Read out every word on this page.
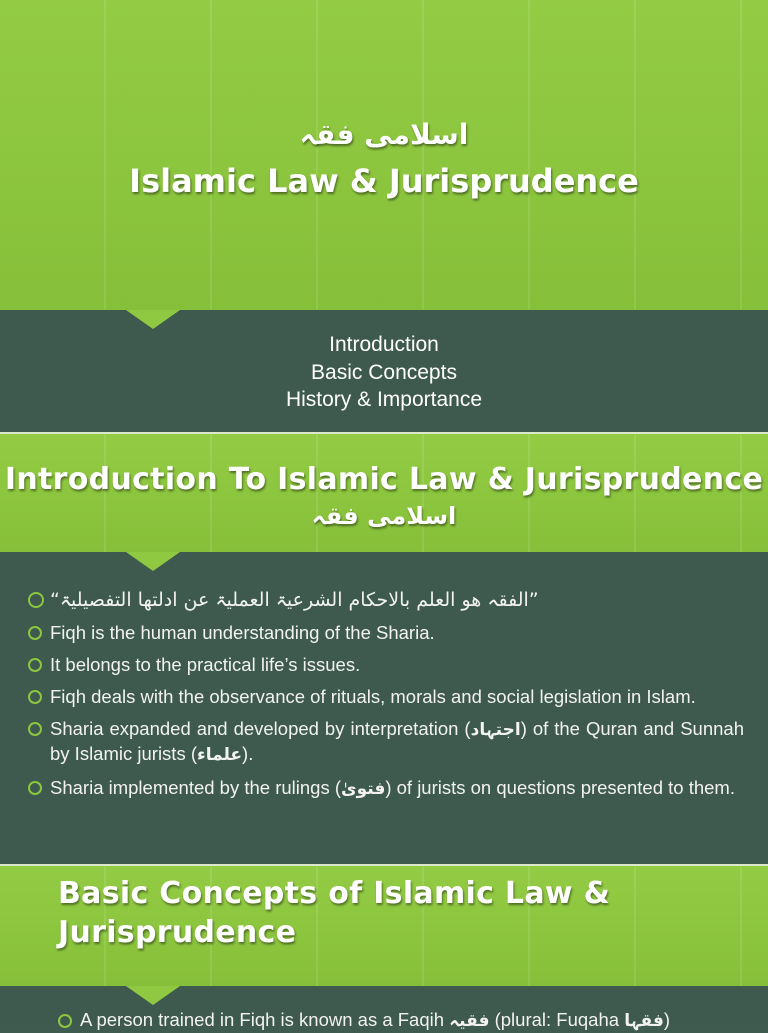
اسلامی فقہ
Islamic Law & Jurisprudence
Introduction
Basic Concepts
History & Importance
Introduction To Islamic Law & Jurisprudence
اسلامی فقہ
“الفقہ ھو العلم بالاحکام الشرعیۃ العملیۃ عن ادلتھا التفصیلیۃ”
Fiqh is the human understanding of the Sharia.
It belongs to the practical life’s issues.
Fiqh deals with the observance of rituals, morals and social legislation in Islam.
Sharia expanded and developed by interpretation (اجتہاد) of the Quran and Sunnah by Islamic jurists (علماء).
Sharia implemented by the rulings (فتویٰ) of jurists on questions presented to them.
Basic Concepts of Islamic Law &
Jurisprudence
A person trained in Fiqh is known as a Faqih فقیہ (plural: Fuqaha فقہا)
